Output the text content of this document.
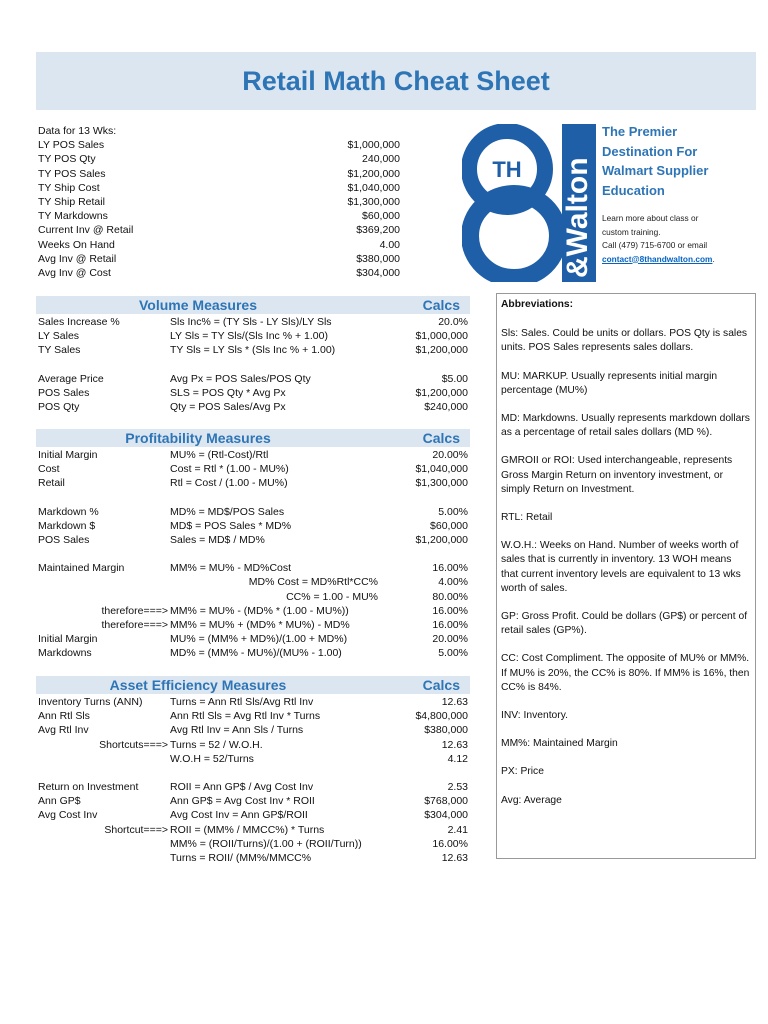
Retail Math Cheat Sheet
Data for 13 Wks:
LY POS Sales	$1,000,000
TY POS Qty	240,000
TY POS Sales	$1,200,000
TY Ship Cost	$1,040,000
TY Ship Retail	$1,300,000
TY Markdowns	$60,000
Current Inv @ Retail	$369,200
Weeks On Hand	4.00
Avg Inv @ Retail	$380,000
Avg Inv @ Cost	$304,000
TH &Walton
The Premier
Destination For
Walmart Supplier
Education
Learn more about class or
custom training.
Call (479) 715-6700 or email
contact@8thandwalton.com.
Volume Measures	Calcs
Sales Increase %	Sls Inc% = (TY Sls - LY Sls)/LY Sls	20.0%
LY Sales	LY Sls = TY Sls/(Sls Inc % + 1.00)	$1,000,000
TY Sales	TY Sls = LY Sls * (Sls Inc % + 1.00)	$1,200,000
Average Price	Avg Px = POS Sales/POS Qty	$5.00
POS Sales	SLS = POS Qty * Avg Px	$1,200,000
POS Qty	Qty = POS Sales/Avg Px	$240,000
Profitability Measures	Calcs
Initial Margin	MU% = (Rtl-Cost)/Rtl	20.00%
Cost	Cost = Rtl * (1.00 - MU%)	$1,040,000
Retail	Rtl = Cost / (1.00 - MU%)	$1,300,000
Markdown %	MD% = MD$/POS Sales	5.00%
Markdown $	MD$ = POS Sales * MD%	$60,000
POS Sales	Sales = MD$ / MD%	$1,200,000
Maintained Margin	MM% = MU% - MD%Cost	16.00%
MD% Cost = MD%Rtl*CC%	4.00%
CC% = 1.00 - MU%	80.00%
therefore===> MM% = MU% - (MD% * (1.00 - MU%))	16.00%
therefore===> MM% = MU% + (MD% * MU%) - MD%	16.00%
Initial Margin	MU% = (MM% + MD%)/(1.00 + MD%)	20.00%
Markdowns	MD% = (MM% - MU%)/(MU% - 1.00)	5.00%
Asset Efficiency Measures	Calcs
Inventory Turns (ANN)	Turns = Ann Rtl Sls/Avg Rtl Inv	12.63
Ann Rtl Sls	Ann Rtl Sls = Avg Rtl Inv * Turns	$4,800,000
Avg Rtl Inv	Avg Rtl Inv = Ann Sls / Turns	$380,000
Shortcuts===> Turns = 52 / W.O.H.	12.63
W.O.H = 52/Turns	4.12
Return on Investment	ROII = Ann GP$ / Avg Cost Inv	2.53
Ann GP$	Ann GP$ = Avg Cost Inv * ROII	$768,000
Avg Cost Inv	Avg Cost Inv = Ann GP$/ROII	$304,000
Shortcut===> ROII = (MM% / MMCC%) * Turns	2.41
MM% = (ROII/Turns)/(1.00 + (ROII/Turn))	16.00%
Turns = ROII/ (MM%/MMCC%	12.63
Abbreviations:
Sls: Sales. Could be units or dollars. POS Qty is sales units. POS Sales represents sales dollars.
MU: MARKUP. Usually represents initial margin percentage (MU%)
MD: Markdowns. Usually represents markdown dollars as a percentage of retail sales dollars (MD %).
GMROII or ROI: Used interchangeable, represents Gross Margin Return on inventory investment, or simply Return on Investment.
RTL: Retail
W.O.H.: Weeks on Hand. Number of weeks worth of sales that is currently in inventory. 13 WOH means that current inventory levels are equivalent to 13 wks worth of sales.
GP: Gross Profit. Could be dollars (GP$) or percent of retail sales (GP%).
CC: Cost Compliment. The opposite of MU% or MM%. If MU% is 20%, the CC% is 80%. If MM% is 16%, then CC% is 84%.
INV: Inventory.
MM%: Maintained Margin
PX: Price
Avg: Average
